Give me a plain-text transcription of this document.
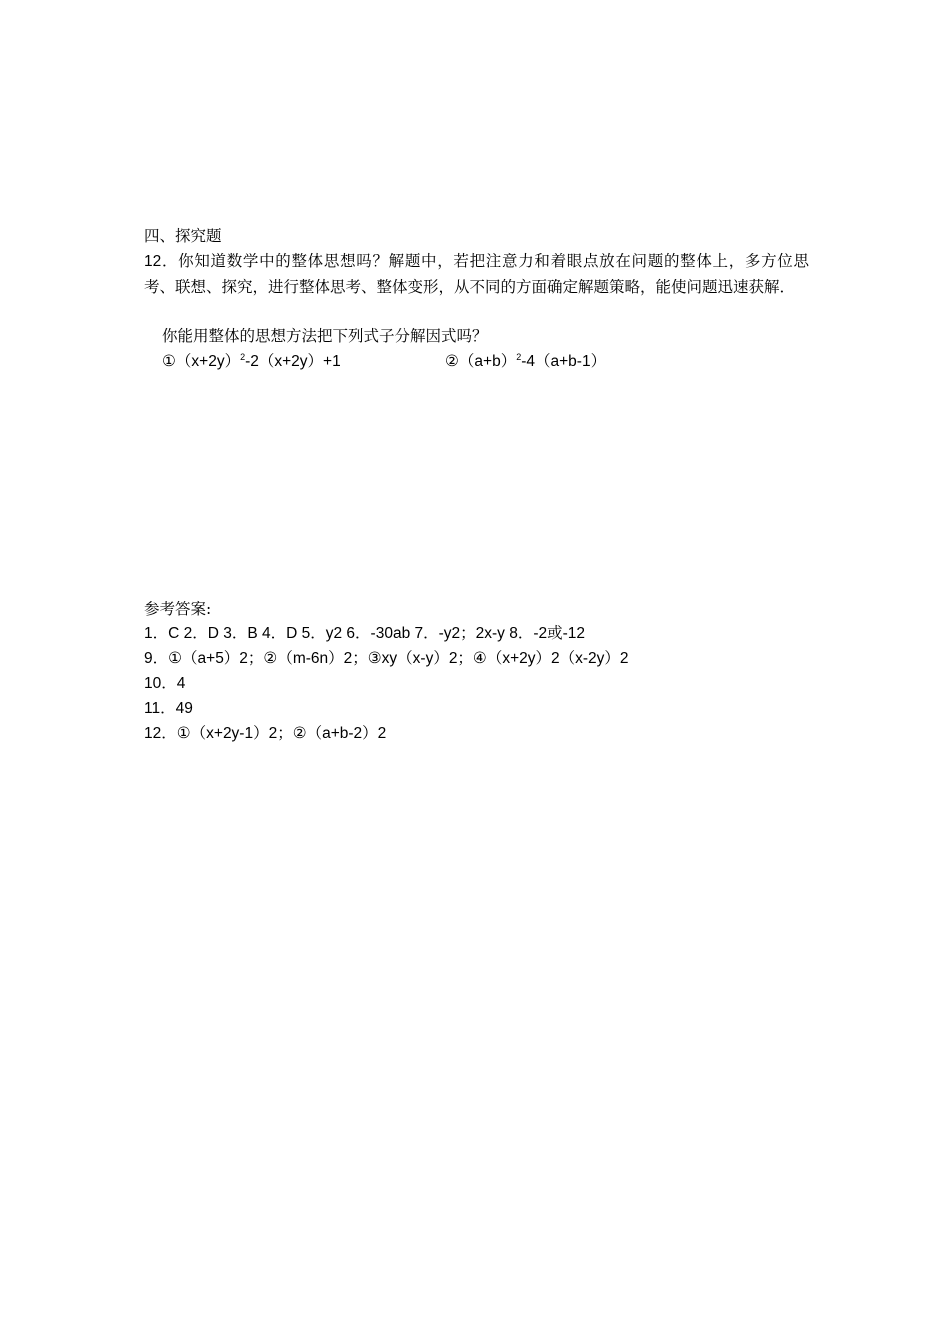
四、探究题
12．你知道数学中的整体思想吗？解题中，若把注意力和着眼点放在问题的整体上，多方位思考、联想、探究，进行整体思考、整体变形，从不同的方面确定解题策略，能使问题迅速获解．
你能用整体的思想方法把下列式子分解因式吗？
$①(x+2y)^2-2(x+2y)+1$	$②(a+b)^2-4(a+b-1)$
参考答案:
1．C 2．D 3．B 4．D 5．y2 6．-30ab 7．-y2；2x-y 8．-2或-12
9．①（a+5）2；②（m-6n）2；③xy（x-y）2；④（x+2y）2（x-2y）2
10．4
11．49
12．①（x+2y-1）2；②（a+b-2）2
